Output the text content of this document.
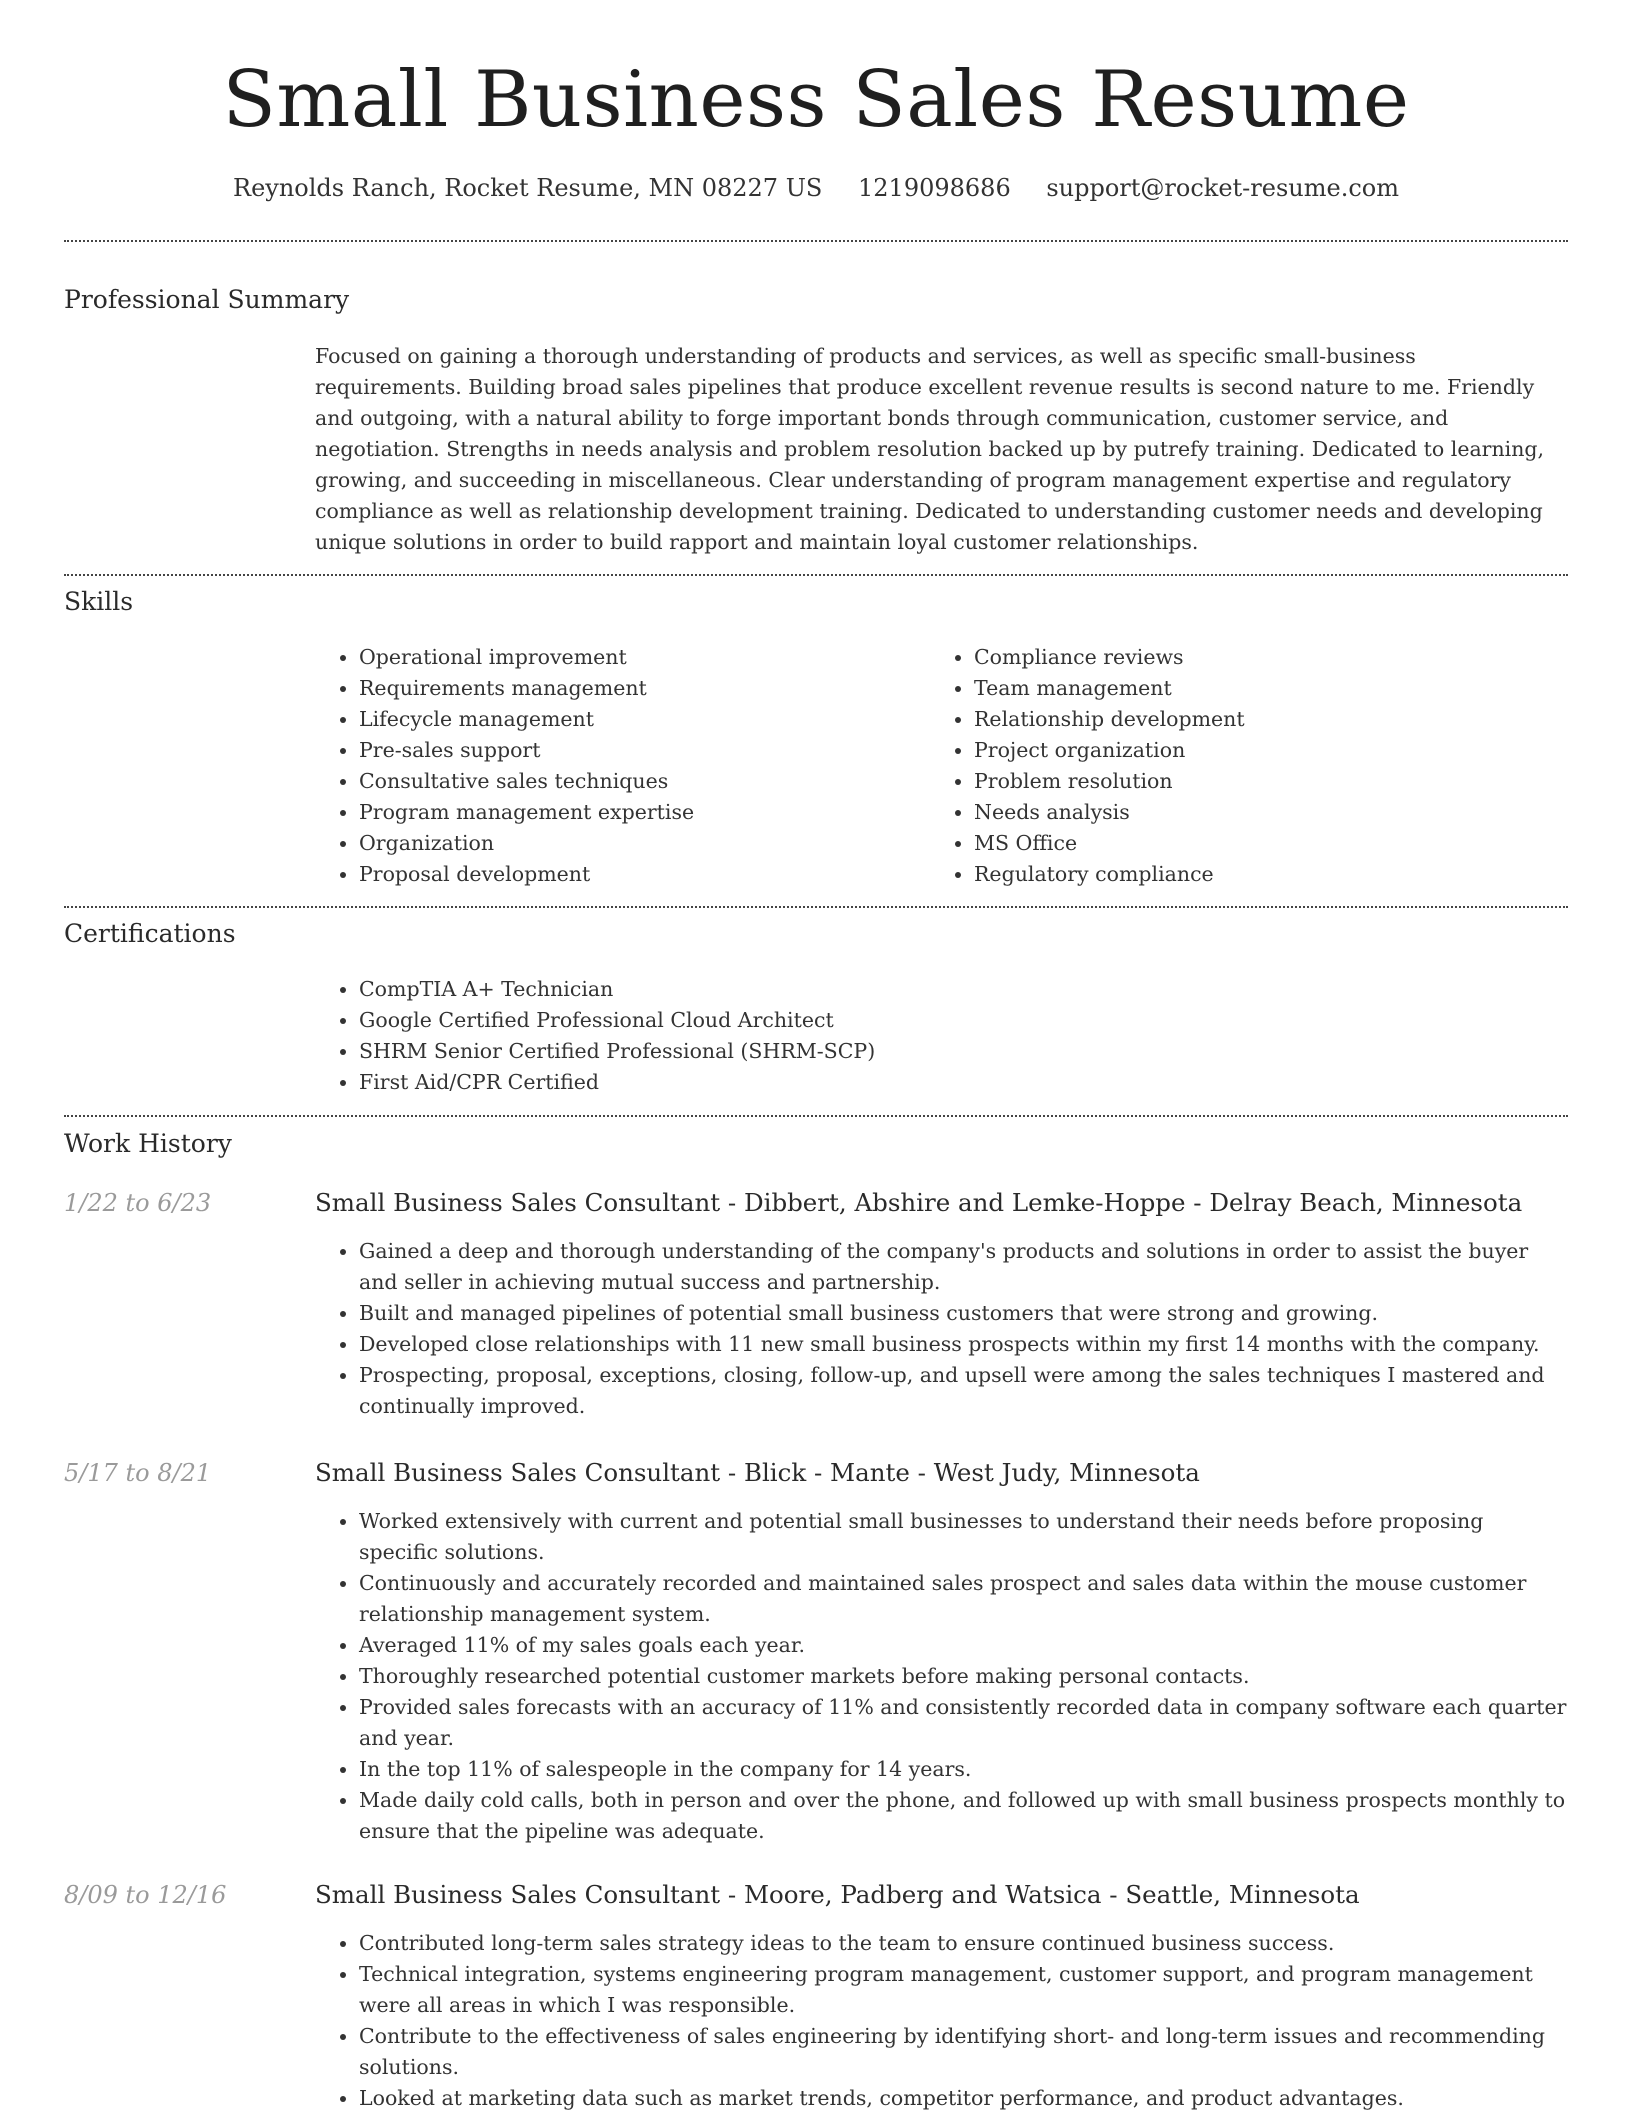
Small Business Sales Resume
Reynolds Ranch, Rocket Resume, MN 08227 US 1219098686 support@rocket-resume.com
Professional Summary

Focused on gaining a thorough understanding of products and services, as well as specific small-business requirements. Building broad sales pipelines that produce excellent revenue results is second nature to me. Friendly and outgoing, with a natural ability to forge important bonds through communication, customer service, and negotiation. Strengths in needs analysis and problem resolution backed up by putrefy training. Dedicated to learning, growing, and succeeding in miscellaneous. Clear understanding of program management expertise and regulatory compliance as well as relationship development training. Dedicated to understanding customer needs and developing unique solutions in order to build rapport and maintain loyal customer relationships.

Skills
• Operational improvement
• Requirements management
• Lifecycle management
• Pre-sales support
• Consultative sales techniques
• Program management expertise
• Organization
• Proposal development
• Compliance reviews
• Team management
• Relationship development
• Project organization
• Problem resolution
• Needs analysis
• MS Office
• Regulatory compliance
Certifications
• CompTIA A+ Technician
• Google Certified Professional Cloud Architect
• SHRM Senior Certified Professional (SHRM-SCP)
• First Aid/CPR Certified
Work History
1/22 to 6/23	Small Business Sales Consultant - Dibbert, Abshire and Lemke-Hoppe - Delray Beach, Minnesota
• Gained a deep and thorough understanding of the company's products and solutions in order to assist the buyer and seller in achieving mutual success and partnership.
• Built and managed pipelines of potential small business customers that were strong and growing.
• Developed close relationships with 11 new small business prospects within my first 14 months with the company.
• Prospecting, proposal, exceptions, closing, follow-up, and upsell were among the sales techniques I mastered and continually improved.
5/17 to 8/21	Small Business Sales Consultant - Blick - Mante - West Judy, Minnesota
• Worked extensively with current and potential small businesses to understand their needs before proposing specific solutions.
• Continuously and accurately recorded and maintained sales prospect and sales data within the mouse customer relationship management system.
• Averaged 11% of my sales goals each year.
• Thoroughly researched potential customer markets before making personal contacts.
• Provided sales forecasts with an accuracy of 11% and consistently recorded data in company software each quarter and year.
• In the top 11% of salespeople in the company for 14 years.
• Made daily cold calls, both in person and over the phone, and followed up with small business prospects monthly to ensure that the pipeline was adequate.
8/09 to 12/16	Small Business Sales Consultant - Moore, Padberg and Watsica - Seattle, Minnesota
• Contributed long-term sales strategy ideas to the team to ensure continued business success.
• Technical integration, systems engineering program management, customer support, and program management were all areas in which I was responsible.
• Contribute to the effectiveness of sales engineering by identifying short- and long-term issues and recommending solutions.
• Looked at marketing data such as market trends, competitor performance, and product advantages.
